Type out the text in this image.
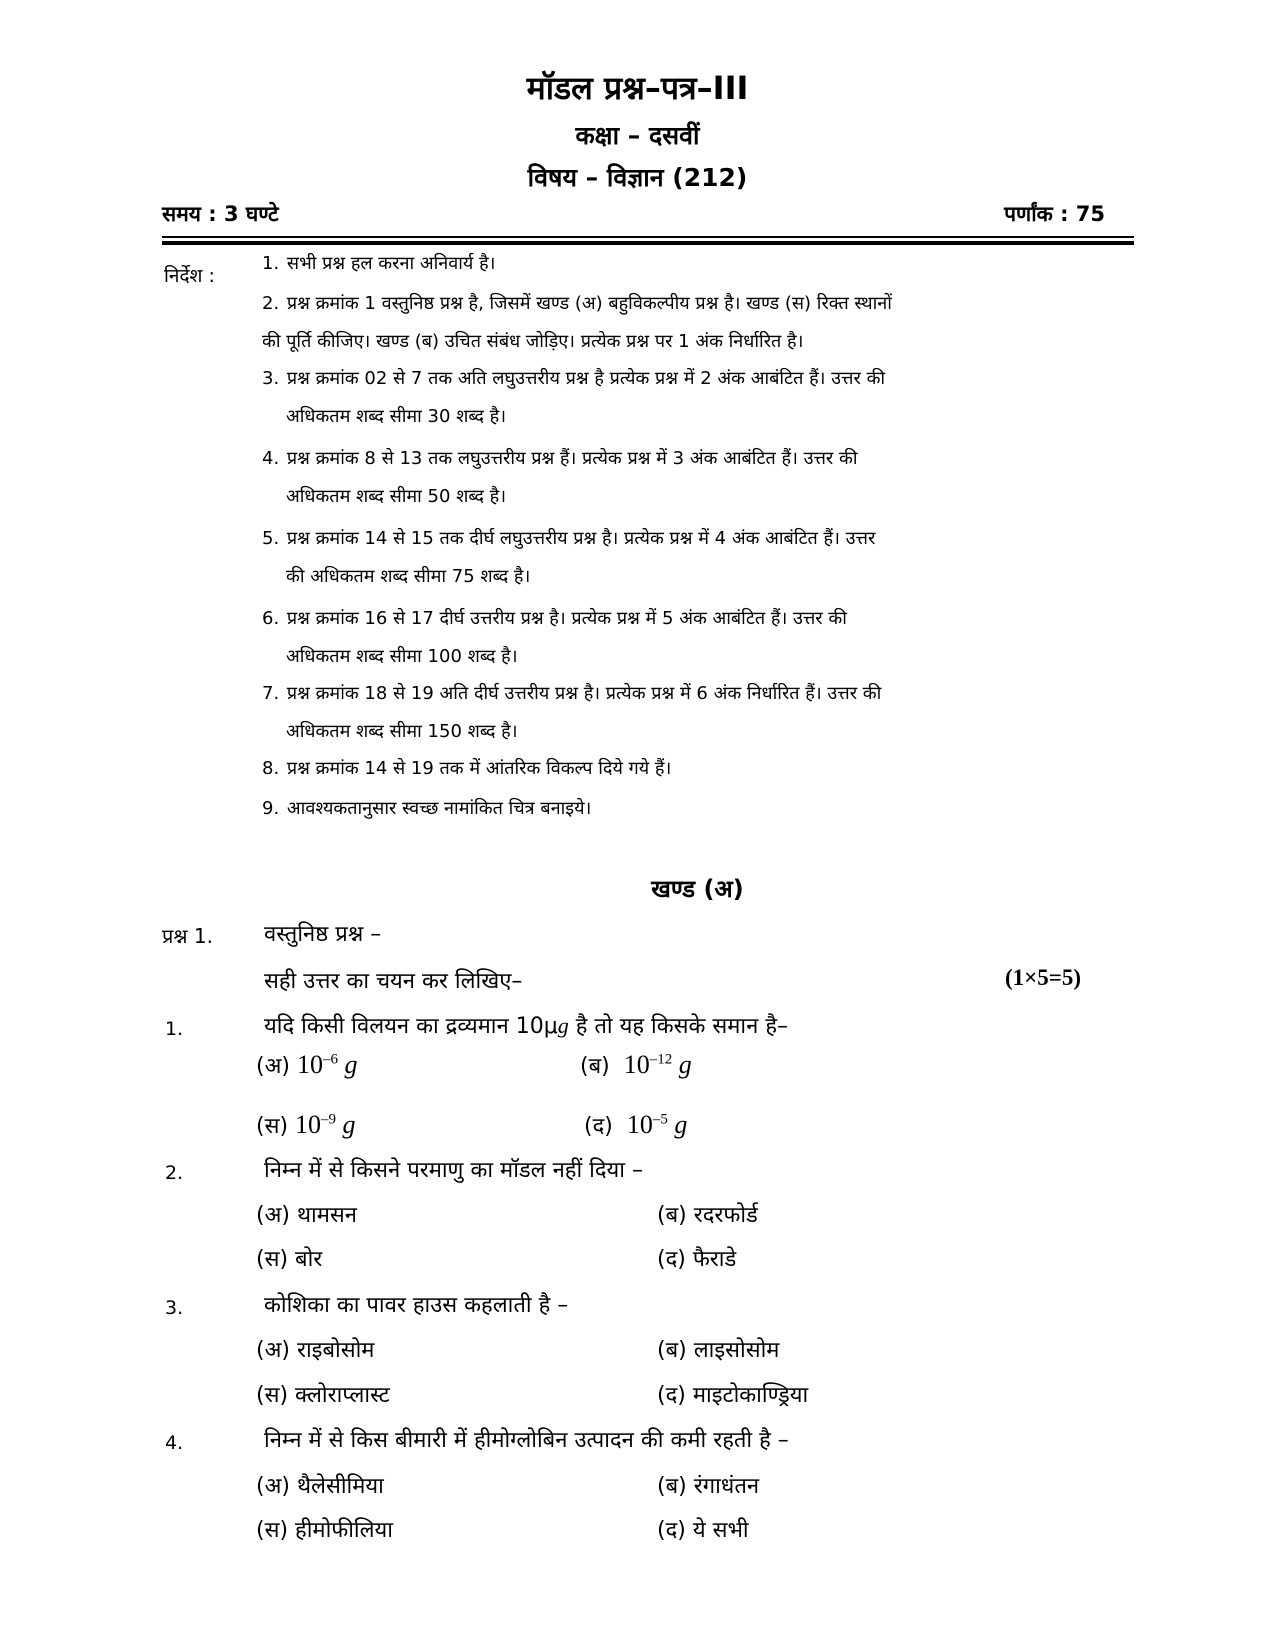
मॉडल प्रश्न–पत्र–III
कक्षा – दसवीं
विषय – विज्ञान (212)
समय : 3 घण्टे	पर्णांक : 75
निर्देश :
1. सभी प्रश्न हल करना अनिवार्य है।
2. प्रश्न क्रमांक 1 वस्तुनिष्ठ प्रश्न है, जिसमें खण्ड (अ) बहुविकल्पीय प्रश्न है। खण्ड (स) रिक्त स्थानों
की पूर्ति कीजिए। खण्ड (ब) उचित संबंध जोड़िए। प्रत्येक प्रश्न पर 1 अंक निर्धारित है।
3. प्रश्न क्रमांक 02 से 7 तक अति लघुउत्तरीय प्रश्न है प्रत्येक प्रश्न में 2 अंक आबंटित हैं। उत्तर की
अधिकतम शब्द सीमा 30 शब्द है।
4. प्रश्न क्रमांक 8 से 13 तक लघुउत्तरीय प्रश्न हैं। प्रत्येक प्रश्न में 3 अंक आबंटित हैं। उत्तर की
अधिकतम शब्द सीमा 50 शब्द है।
5. प्रश्न क्रमांक 14 से 15 तक दीर्घ लघुउत्तरीय प्रश्न है। प्रत्येक प्रश्न में 4 अंक आबंटित हैं। उत्तर
की अधिकतम शब्द सीमा 75 शब्द है।
6. प्रश्न क्रमांक 16 से 17 दीर्घ उत्तरीय प्रश्न है। प्रत्येक प्रश्न में 5 अंक आबंटित हैं। उत्तर की
अधिकतम शब्द सीमा 100 शब्द है।
7. प्रश्न क्रमांक 18 से 19 अति दीर्घ उत्तरीय प्रश्न है। प्रत्येक प्रश्न में 6 अंक निर्धारित हैं। उत्तर की
अधिकतम शब्द सीमा 150 शब्द है।
8. प्रश्न क्रमांक 14 से 19 तक में आंतरिक विकल्प दिये गये हैं।
9. आवश्यकतानुसार स्वच्छ नामांकित चित्र बनाइये।
खण्ड (अ)
प्रश्न 1. वस्तुनिष्ठ प्रश्न –
सही उत्तर का चयन कर लिखिए–	(1×5=5)
1.	यदि किसी विलयन का द्रव्यमान 10μg है तो यह किसके समान है–
(अ) $10^{-6}$ g	(ब) $10^{-12}$ g
(स) $10^{-9}$ g	(द) $10^{-5}$ g
2.	निम्न में से किसने परमाणु का मॉडल नहीं दिया –
(अ) थामसन	(ब) रदरफोर्ड
(स) बोर	(द) फैराडे
3.	कोशिका का पावर हाउस कहलाती है –
(अ) राइबोसोम	(ब) लाइसोसोम
(स) क्लोराप्लास्ट	(द) माइटोकाण्ड्रिया
4.	निम्न में से किस बीमारी में हीमोग्लोबिन उत्पादन की कमी रहती है –
(अ) थैलेसीमिया	(ब) रंगाधंतन
(स) हीमोफीलिया	(द) ये सभी
